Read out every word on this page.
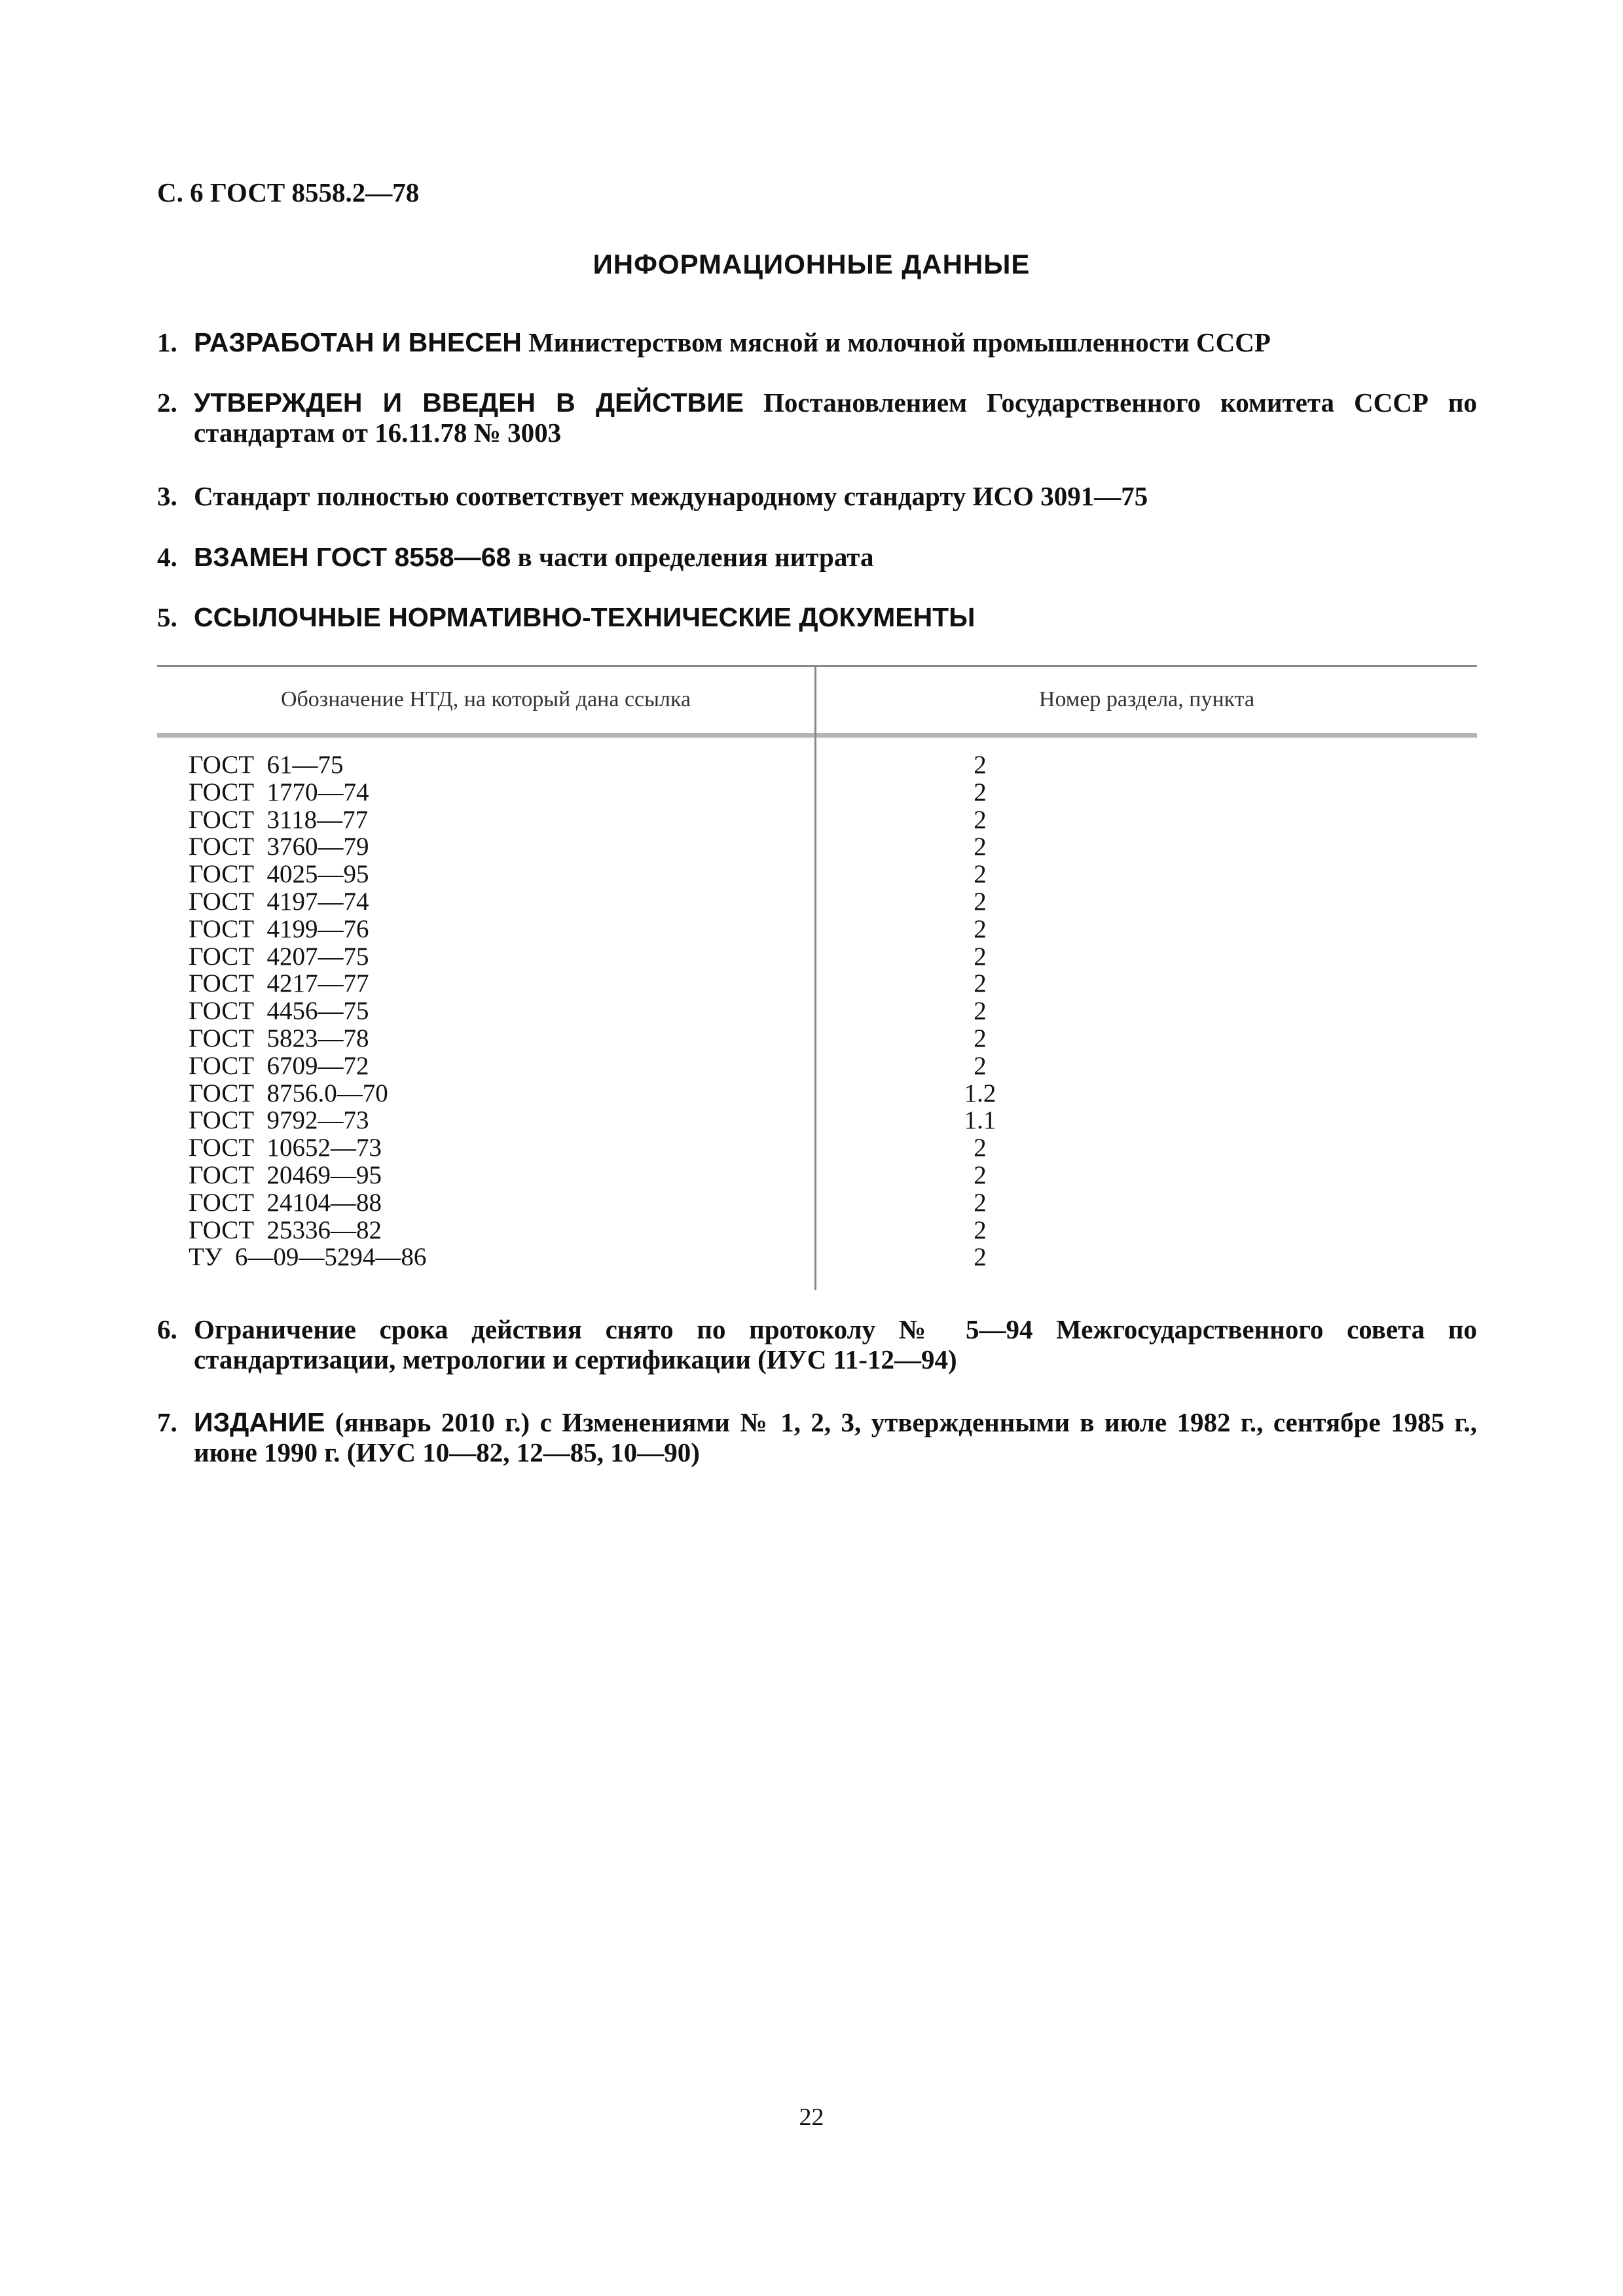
С. 6 ГОСТ 8558.2—78
ИНФОРМАЦИОННЫЕ ДАННЫЕ
1. РАЗРАБОТАН И ВНЕСЕН Министерством мясной и молочной промышленности СССР
2. УТВЕРЖДЕН И ВВЕДЕН В ДЕЙСТВИЕ Постановлением Государственного комитета СССР по стандартам от 16.11.78 № 3003
3. Стандарт полностью соответствует международному стандарту ИСО 3091—75
4. ВЗАМЕН ГОСТ 8558—68 в части определения нитрата
5. ССЫЛОЧНЫЕ НОРМАТИВНО-ТЕХНИЧЕСКИЕ ДОКУМЕНТЫ
Обозначение НТД, на который дана ссылка	Номер раздела, пункта
ГОСТ  61—75
ГОСТ  1770—74
ГОСТ  3118—77
ГОСТ  3760—79
ГОСТ  4025—95
ГОСТ  4197—74
ГОСТ  4199—76
ГОСТ  4207—75
ГОСТ  4217—77
ГОСТ  4456—75
ГОСТ  5823—78
ГОСТ  6709—72
ГОСТ  8756.0—70
ГОСТ  9792—73
ГОСТ  10652—73
ГОСТ  20469—95
ГОСТ  24104—88
ГОСТ  25336—82
ТУ  6—09—5294—86
2
2
2
2
2
2
2
2
2
2
2
2
1.2
1.1
2
2
2
2
2
6. Ограничение срока действия снято по протоколу № 5—94 Межгосударственного совета по стандартизации, метрологии и сертификации (ИУС 11-12—94)
7. ИЗДАНИЕ (январь 2010 г.) с Изменениями № 1, 2, 3, утвержденными в июле 1982 г., сентябре 1985 г., июне 1990 г. (ИУС 10—82, 12—85, 10—90)
22
